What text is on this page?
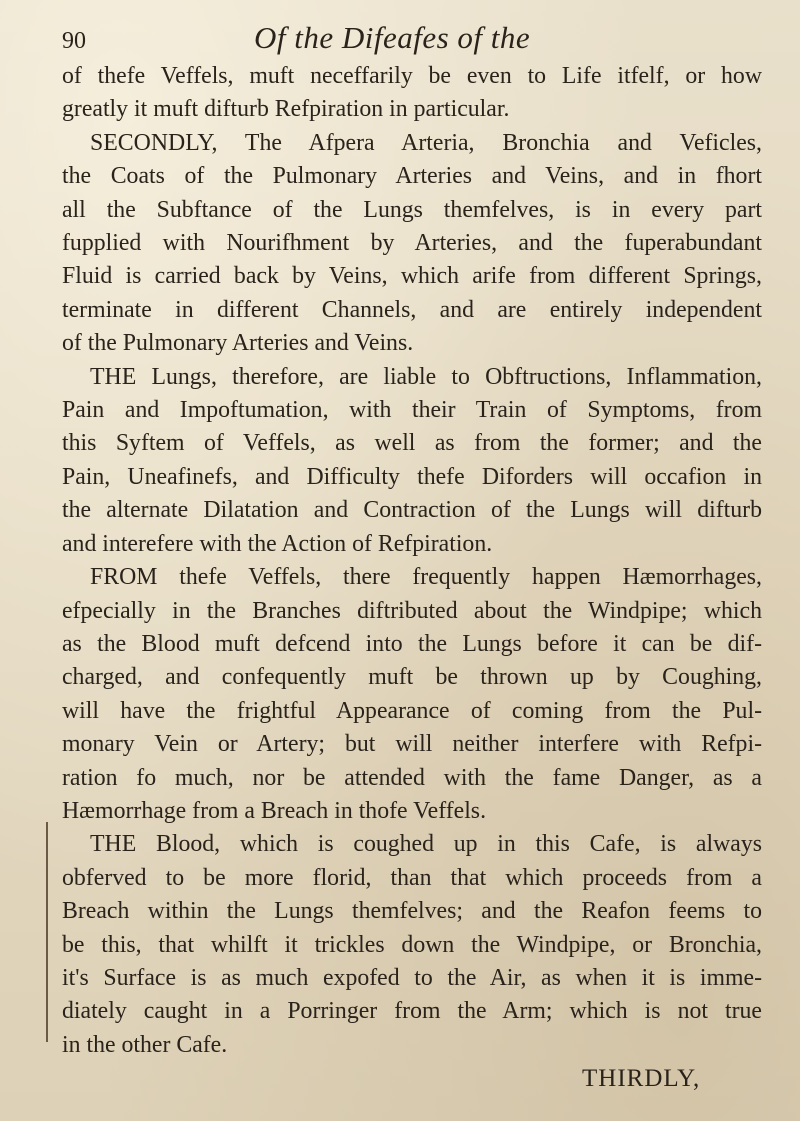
90	Of the Difeafes of the
of thefe Veffels, muft neceffarily be even to Life itfelf, or how
greatly it muft difturb Refpiration in particular.
SECONDLY, The Afpera Arteria, Bronchia and Veficles,
the Coats of the Pulmonary Arteries and Veins, and in fhort
all the Subftance of the Lungs themfelves, is in every part
fupplied with Nourifhment by Arteries, and the fuperabundant
Fluid is carried back by Veins, which arife from different Springs,
terminate in different Channels, and are entirely independent
of the Pulmonary Arteries and Veins.
THE Lungs, therefore, are liable to Obftructions, Inflammation,
Pain and Impoftumation, with their Train of Symptoms, from
this Syftem of Veffels, as well as from the former; and the
Pain, Uneafinefs, and Difficulty thefe Diforders will occafion in
the alternate Dilatation and Contraction of the Lungs will difturb
and interefere with the Action of Refpiration.
FROM thefe Veffels, there frequently happen Hæmorrhages,
efpecially in the Branches diftributed about the Windpipe; which
as the Blood muft defcend into the Lungs before it can be dif-
charged, and confequently muft be thrown up by Coughing,
will have the frightful Appearance of coming from the Pul-
monary Vein or Artery; but will neither interfere with Refpi-
ration fo much, nor be attended with the fame Danger, as a
Hæmorrhage from a Breach in thofe Veffels.
THE Blood, which is coughed up in this Cafe, is always
obferved to be more florid, than that which proceeds from a
Breach within the Lungs themfelves; and the Reafon feems to
be this, that whilft it trickles down the Windpipe, or Bronchia,
it's Surface is as much expofed to the Air, as when it is imme-
diately caught in a Porringer from the Arm; which is not true
in the other Cafe.
THIRDLY,
